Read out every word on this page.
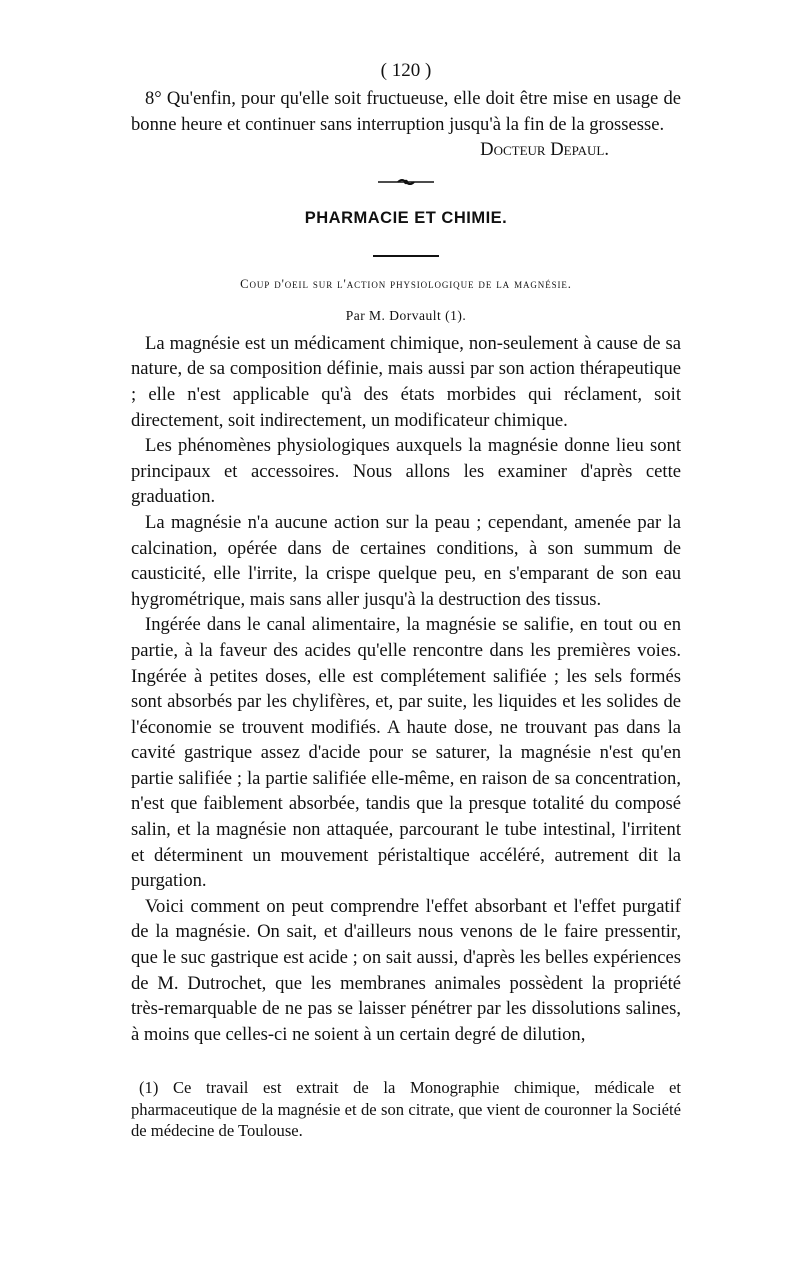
( 120 )

8° Qu'enfin, pour qu'elle soit fructueuse, elle doit être mise en usage de bonne heure et continuer sans interruption jusqu'à la fin de la grossesse.

Docteur Depaul.
PHARMACIE ET CHIMIE.
Coup d'oeil sur l'action physiologique de la magnésie.
Par M. Dorvault (1).

La magnésie est un médicament chimique, non-seulement à cause de sa nature, de sa composition définie, mais aussi par son action thérapeutique ; elle n'est applicable qu'à des états morbides qui réclament, soit directement, soit indirectement, un modificateur chimique.

Les phénomènes physiologiques auxquels la magnésie donne lieu sont principaux et accessoires. Nous allons les examiner d'après cette graduation.

La magnésie n'a aucune action sur la peau ; cependant, amenée par la calcination, opérée dans de certaines conditions, à son summum de causticité, elle l'irrite, la crispe quelque peu, en s'emparant de son eau hygrométrique, mais sans aller jusqu'à la destruction des tissus.

Ingérée dans le canal alimentaire, la magnésie se salifie, en tout ou en partie, à la faveur des acides qu'elle rencontre dans les premières voies. Ingérée à petites doses, elle est complétement salifiée ; les sels formés sont absorbés par les chylifères, et, par suite, les liquides et les solides de l'économie se trouvent modifiés. A haute dose, ne trouvant pas dans la cavité gastrique assez d'acide pour se saturer, la magnésie n'est qu'en partie salifiée ; la partie salifiée elle-même, en raison de sa concentration, n'est que faiblement absorbée, tandis que la presque totalité du composé salin, et la magnésie non attaquée, parcourant le tube intestinal, l'irritent et déterminent un mouvement péristaltique accéléré, autrement dit la purgation.

Voici comment on peut comprendre l'effet absorbant et l'effet purgatif de la magnésie. On sait, et d'ailleurs nous venons de le faire pressentir, que le suc gastrique est acide ; on sait aussi, d'après les belles expériences de M. Dutrochet, que les membranes animales possèdent la propriété très-remarquable de ne pas se laisser pénétrer par les dissolutions salines, à moins que celles-ci ne soient à un certain degré de dilution,

(1) Ce travail est extrait de la Monographie chimique, médicale et pharmaceutique de la magnésie et de son citrate, que vient de couronner la Société de médecine de Toulouse.
